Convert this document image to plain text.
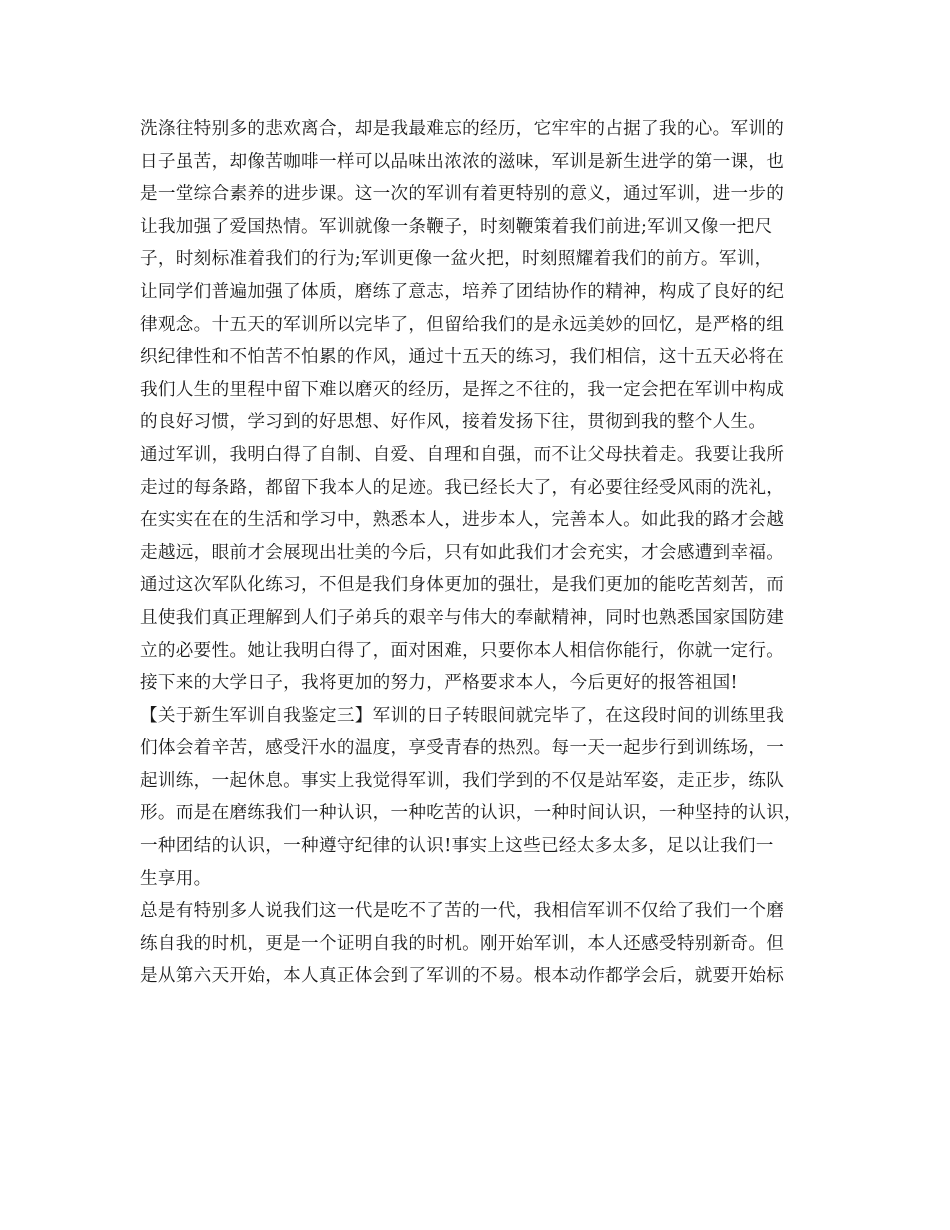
洗涤往特别多的悲欢离合，却是我最难忘的经历，它牢牢的占据了我的心。军训的
日子虽苦，却像苦咖啡一样可以品味出浓浓的滋味，军训是新生进学的第一课，也
是一堂综合素养的进步课。这一次的军训有着更特别的意义，通过军训，进一步的
让我加强了爱国热情。军训就像一条鞭子，时刻鞭策着我们前进;军训又像一把尺
子，时刻标准着我们的行为;军训更像一盆火把，时刻照耀着我们的前方。军训，
让同学们普遍加强了体质，磨练了意志，培养了团结协作的精神，构成了良好的纪
律观念。十五天的军训所以完毕了，但留给我们的是永远美妙的回忆，是严格的组
织纪律性和不怕苦不怕累的作风，通过十五天的练习，我们相信，这十五天必将在
我们人生的里程中留下难以磨灭的经历，是挥之不往的，我一定会把在军训中构成
的良好习惯，学习到的好思想、好作风，接着发扬下往，贯彻到我的整个人生。
通过军训，我明白得了自制、自爱、自理和自强，而不让父母扶着走。我要让我所
走过的每条路，都留下我本人的足迹。我已经长大了，有必要往经受风雨的洗礼，
在实实在在的生活和学习中，熟悉本人，进步本人，完善本人。如此我的路才会越
走越远，眼前才会展现出壮美的今后，只有如此我们才会充实，才会感遭到幸福。
通过这次军队化练习，不但是我们身体更加的强壮，是我们更加的能吃苦刻苦，而
且使我们真正理解到人们子弟兵的艰辛与伟大的奉献精神，同时也熟悉国家国防建
立的必要性。她让我明白得了，面对困难，只要你本人相信你能行，你就一定行。
接下来的大学日子，我将更加的努力，严格要求本人，今后更好的报答祖国!
【关于新生军训自我鉴定三】军训的日子转眼间就完毕了，在这段时间的训练里我
们体会着辛苦，感受汗水的温度，享受青春的热烈。每一天一起步行到训练场，一
起训练，一起休息。事实上我觉得军训，我们学到的不仅是站军姿，走正步，练队
形。而是在磨练我们一种认识，一种吃苦的认识，一种时间认识，一种坚持的认识，
一种团结的认识，一种遵守纪律的认识!事实上这些已经太多太多，足以让我们一
生享用。
总是有特别多人说我们这一代是吃不了苦的一代，我相信军训不仅给了我们一个磨
练自我的时机，更是一个证明自我的时机。刚开始军训，本人还感受特别新奇。但
是从第六天开始，本人真正体会到了军训的不易。根本动作都学会后，就要开始标
